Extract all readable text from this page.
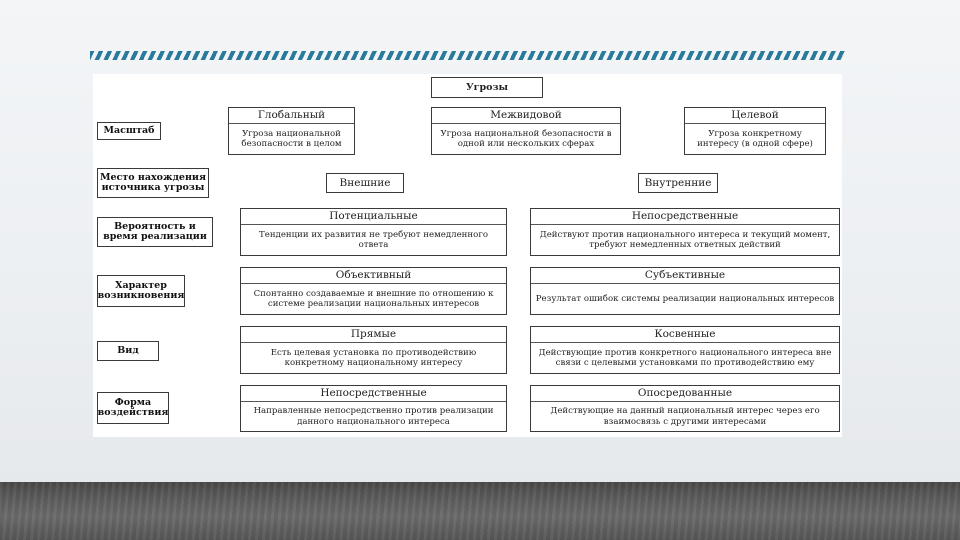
Угрозы
Масштаб
Место нахождения источника угрозы
Вероятность и время реализации
Характер возникновения
Вид
Форма воздействия
Глобальный
Угроза национальной безопасности в целом
Межвидовой
Угроза национальной безопасности в одной или нескольких сферах
Целевой
Угроза конкретному интересу (в одной сфере)
Внешние	Внутренние
Потенциальные
Тенденции их развития не требуют немедленного ответа
Непосредственные
Действуют против национального интереса и текущий момент, требуют немедленных ответных действий
Объективный
Спонтанно создаваемые и внешние по отношению к системе реализации национальных интересов
Субъективные
Результат ошибок системы реализации национальных интересов
Прямые
Есть целевая установка по противодействию конкретному национальному интересу
Косвенные
Действующие против конкретного национального интереса вне связи с целевыми установками по противодействию ему
Непосредственные
Направленные непосредственно против реализации данного национального интереса
Опосредованные
Действующие на данный национальный интерес через его взаимосвязь с другими интересами
